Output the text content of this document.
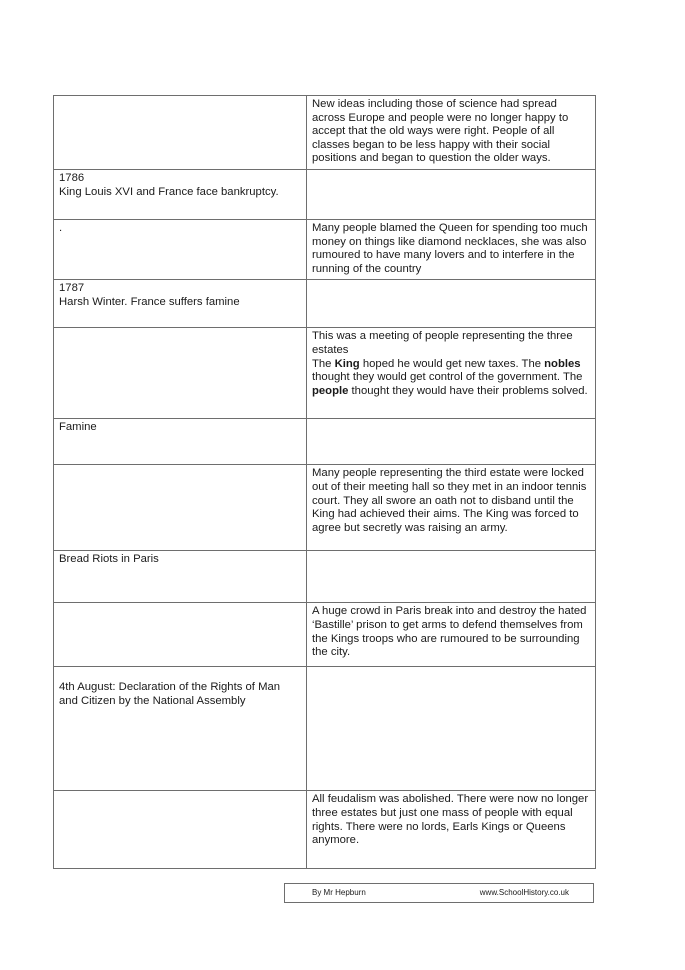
	New ideas including those of science had spread across Europe and people were no longer happy to accept that the old ways were right. People of all classes began to be less happy with their social positions and began to question the older ways.

1786
King Louis XVI and France face bankruptcy.	

.	Many people blamed the Queen for spending too much money on things like diamond necklaces, she was also rumoured to have many lovers and to interfere in the running of the country

1787
Harsh Winter. France suffers famine	

	This was a meeting of people representing the three estates
The King hoped he would get new taxes. The nobles thought they would get control of the government. The people thought they would have their problems solved.

Famine	

	Many people representing the third estate were locked out of their meeting hall so they met in an indoor tennis court. They all swore an oath not to disband until the King had achieved their aims. The King was forced to agree but secretly was raising an army.

Bread Riots in Paris	

	A huge crowd in Paris break into and destroy the hated ‘Bastille’ prison to get arms to defend themselves from the Kings troops who are rumoured to be surrounding the city.

4th August: Declaration of the Rights of Man and Citizen by the National Assembly	

	All feudalism was abolished. There were now no longer three estates but just one mass of people with equal rights. There were no lords, Earls Kings or Queens anymore.
By Mr Hepburn	www.SchoolHistory.co.uk
